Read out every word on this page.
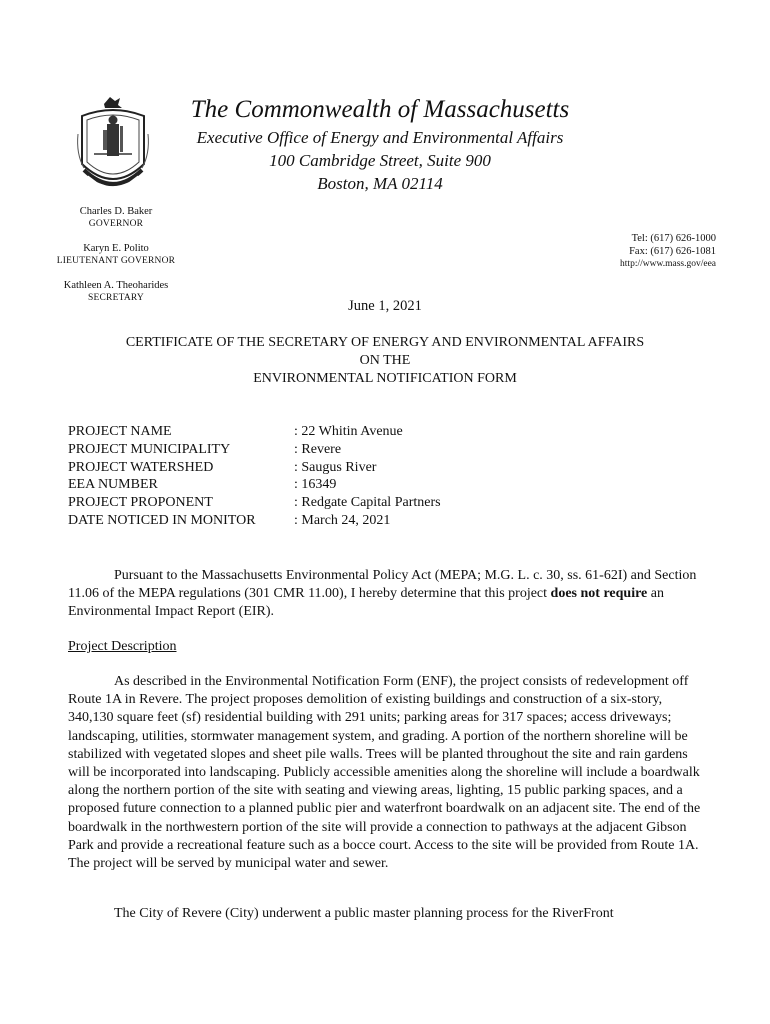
The Commonwealth of Massachusetts
Executive Office of Energy and Environmental Affairs
100 Cambridge Street, Suite 900
Boston, MA 02114
Charles D. Baker
GOVERNOR
Karyn E. Polito
LIEUTENANT GOVERNOR
Kathleen A. Theoharides
SECRETARY
Tel: (617) 626-1000
Fax: (617) 626-1081
http://www.mass.gov/eea
June 1, 2021
CERTIFICATE OF THE SECRETARY OF ENERGY AND ENVIRONMENTAL AFFAIRS
ON THE
ENVIRONMENTAL NOTIFICATION FORM
PROJECT NAME	: 22 Whitin Avenue
PROJECT MUNICIPALITY	: Revere
PROJECT WATERSHED	: Saugus River
EEA NUMBER	: 16349
PROJECT PROPONENT	: Redgate Capital Partners
DATE NOTICED IN MONITOR	: March 24, 2021

Pursuant to the Massachusetts Environmental Policy Act (MEPA; M.G. L. c. 30, ss. 61-62I) and Section 11.06 of the MEPA regulations (301 CMR 11.00), I hereby determine that this project does not require an Environmental Impact Report (EIR).

Project Description

As described in the Environmental Notification Form (ENF), the project consists of redevelopment off Route 1A in Revere. The project proposes demolition of existing buildings and construction of a six-story, 340,130 square feet (sf) residential building with 291 units; parking areas for 317 spaces; access driveways; landscaping, utilities, stormwater management system, and grading. A portion of the northern shoreline will be stabilized with vegetated slopes and sheet pile walls. Trees will be planted throughout the site and rain gardens will be incorporated into landscaping. Publicly accessible amenities along the shoreline will include a boardwalk along the northern portion of the site with seating and viewing areas, lighting, 15 public parking spaces, and a proposed future connection to a planned public pier and waterfront boardwalk on an adjacent site. The end of the boardwalk in the northwestern portion of the site will provide a connection to pathways at the adjacent Gibson Park and provide a recreational feature such as a bocce court. Access to the site will be provided from Route 1A. The project will be served by municipal water and sewer.

The City of Revere (City) underwent a public master planning process for the RiverFront
